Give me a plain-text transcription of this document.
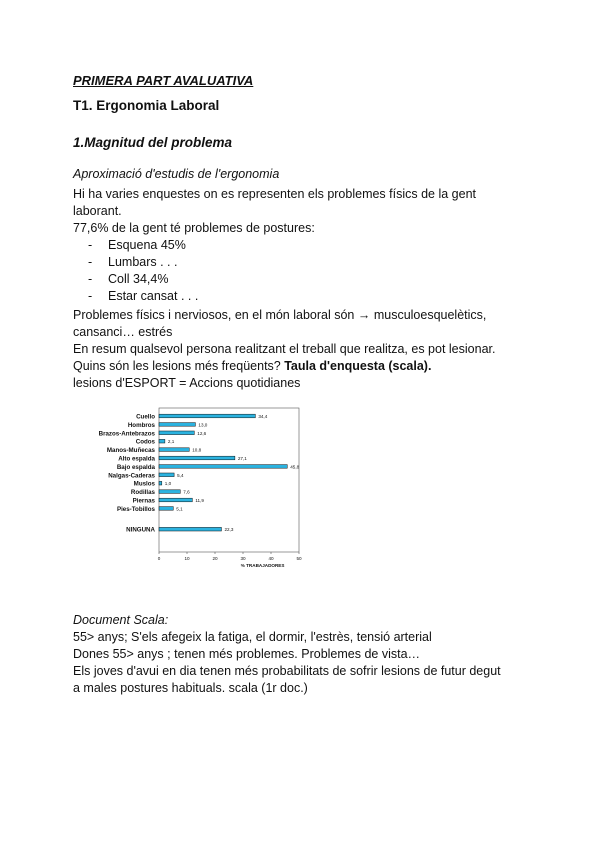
PRIMERA PART AVALUATIVA
T1. Ergonomia Laboral
1.Magnitud del problema
Aproximació d'estudis de l'ergonomia
Hi ha varies enquestes on es representen els problemes físics de la gent
laborant.
77,6% de la gent té problemes de postures:
- Esquena 45%
- Lumbars . . .
- Coll 34,4%
- Estar cansat . . .
Problemes físics i nerviosos, en el món laboral són → musculoesquelètics,
cansanci… estrés
En resum qualsevol persona realitzant el treball que realitza, es pot lesionar.
Quins són les lesions més freqüents? Taula d'enquesta (scala).
lesions d'ESPORT = Accions quotidianes
Cuello	34,4
Hombros	13,0
Brazos-Antebrazos	12,6
Codos	2,1
Manos-Muñecas	10,8
Alto espalda	27,1
Bajo espalda	45,8
Nalgas-Caderas	5,4
Muslos 1,0
Rodillas	7,6
Piernas	11,9
Pies-Tobillos	5,1
NINGUNA	22,3
0	10	20	30	40	50
% TRABAJADORES
Document Scala:
55> anys; S'els afegeix la fatiga, el dormir, l'estrès, tensió arterial
Dones 55> anys ; tenen més problemes. Problemes de vista…
Els joves d'avui en dia tenen més probabilitats de sofrir lesions de futur degut
a males postures habituals. scala (1r doc.)
